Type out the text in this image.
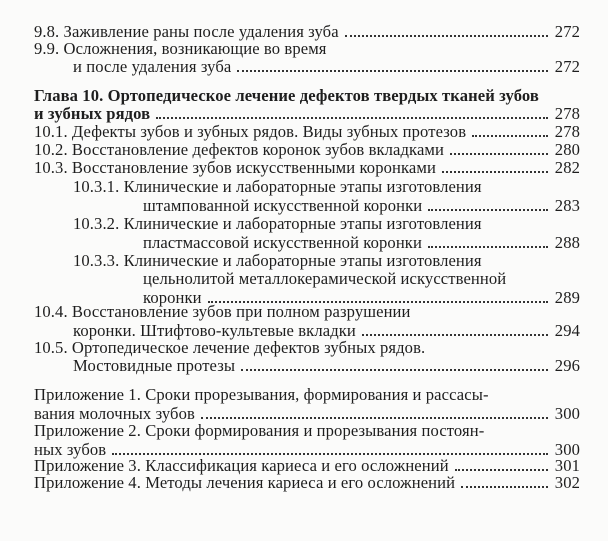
9.8. Заживление раны после удаления зуба	272
9.9. Осложнения, возникающие во время
и после удаления зуба	272
Глава 10. Ортопедическое лечение дефектов твердых тканей зубов
и зубных рядов	278
10.1. Дефекты зубов и зубных рядов. Виды зубных протезов	278
10.2. Восстановление дефектов коронок зубов вкладками	280
10.3. Восстановление зубов искусственными коронками	282
10.3.1. Клинические и лабораторные этапы изготовления
штампованной искусственной коронки	283
10.3.2. Клинические и лабораторные этапы изготовления
пластмассовой искусственной коронки	288
10.3.3. Клинические и лабораторные этапы изготовления
цельнолитой металлокерамической искусственной
коронки	289
10.4. Восстановление зубов при полном разрушении
коронки. Штифтово-культевые вкладки	294
10.5. Ортопедическое лечение дефектов зубных рядов.
Мостовидные протезы	296
Приложение 1. Сроки прорезывания, формирования и рассасы-
вания молочных зубов	300
Приложение 2. Сроки формирования и прорезывания постоян-
ных зубов	300
Приложение 3. Классификация кариеса и его осложнений	301
Приложение 4. Методы лечения кариеса и его осложнений	302
